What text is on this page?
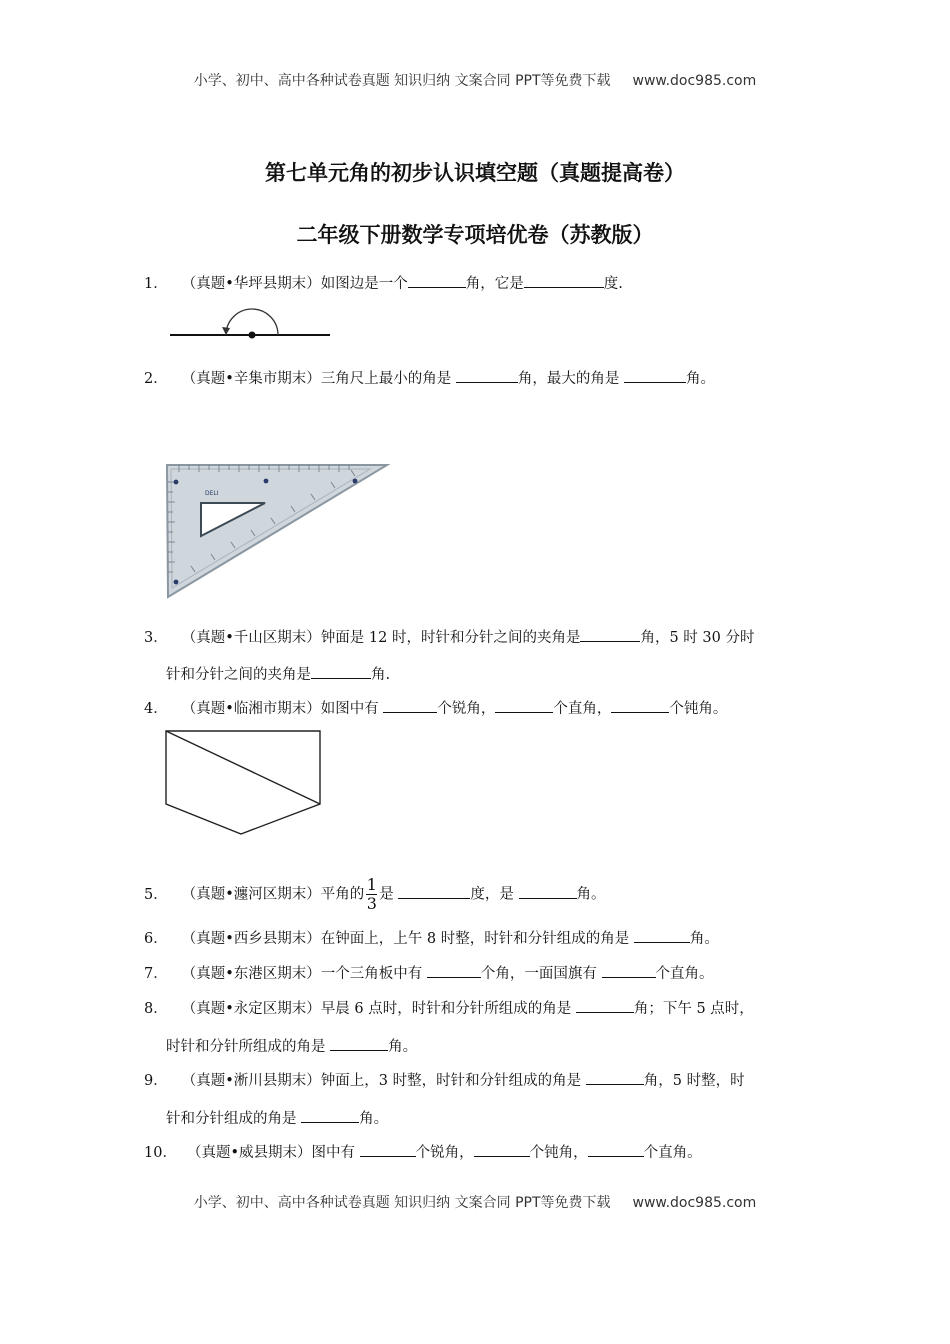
小学、初中、高中各种试卷真题 知识归纳 文案合同 PPT等免费下载 www.doc985.com
第七单元角的初步认识填空题（真题提高卷）
二年级下册数学专项培优卷（苏教版）
1． （真题•华坪县期末）如图边是一个	角，它是	度.
2． （真题•辛集市期末）三角尺上最小的角是	角，最大的角是	角。
DELI
3． （真题•千山区期末）钟面是 12 时，时针和分针之间的夹角是	角，5 时 30 分时
针和分针之间的夹角是	角.
4． （真题•临湘市期末）如图中有	个锐角，	个直角，	个钝角。
5． （真题•瀍河区期末）平角的 $\frac{1}{3}$ 是	度，是	角。
6． （真题•西乡县期末）在钟面上，上午 8 时整，时针和分针组成的角是	角。
7． （真题•东港区期末）一个三角板中有	个角，一面国旗有	个直角。
8． （真题•永定区期末）早晨 6 点时，时针和分针所组成的角是	角；下午 5 点时，
时针和分针所组成的角是	角。
9． （真题•淅川县期末）钟面上，3 时整，时针和分针组成的角是	角，5 时整，时
针和分针组成的角是	角。
10． （真题•威县期末）图中有	个锐角，	个钝角，	个直角。
小学、初中、高中各种试卷真题 知识归纳 文案合同 PPT等免费下载 www.doc985.com
